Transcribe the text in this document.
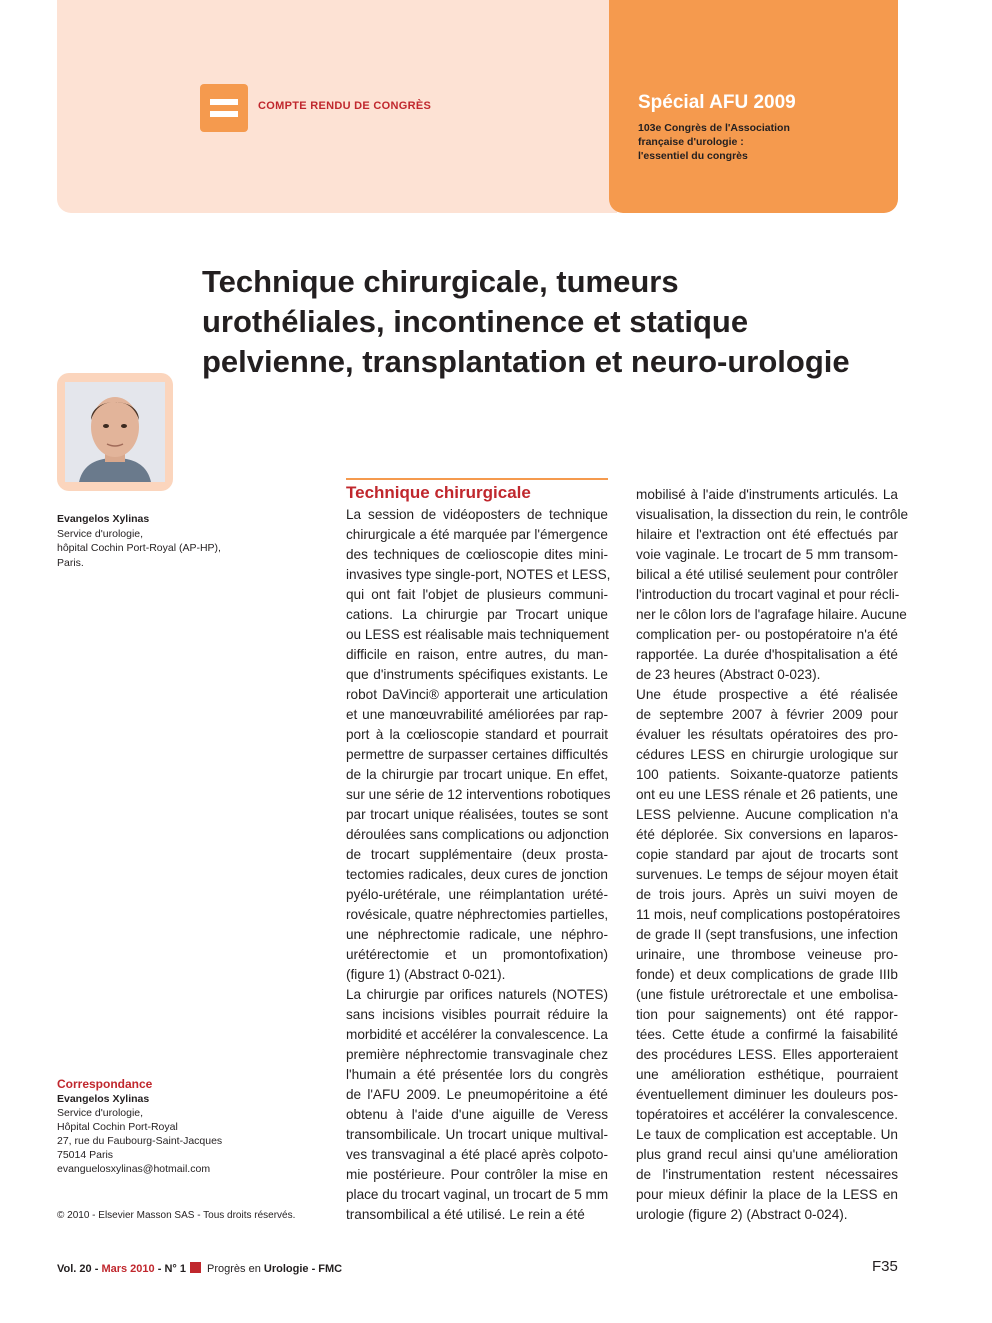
COMPTE RENDU DE CONGRÈS	Spécial AFU 2009
103e Congrès de l'Association
française d'urologie :
l'essentiel du congrès
Technique chirurgicale, tumeurs
urothéliales, incontinence et statique
pelvienne, transplantation et neuro-urologie
Evangelos Xylinas
Service d'urologie,
hôpital Cochin Port-Royal (AP-HP),
Paris.
Correspondance
Evangelos Xylinas
Service d'urologie,
Hôpital Cochin Port-Royal
27, rue du Faubourg-Saint-Jacques
75014 Paris
evanguelosxylinas@hotmail.com
© 2010 - Elsevier Masson SAS - Tous droits réservés.
Technique chirurgicale
La session de vidéoposters de technique
chirurgicale a été marquée par l'émergence
des techniques de cœlioscopie dites mini-
invasives type single-port, NOTES et LESS,
qui ont fait l'objet de plusieurs communi-
cations. La chirurgie par Trocart unique
ou LESS est réalisable mais techniquement
difficile en raison, entre autres, du man-
que d'instruments spécifiques existants. Le
robot DaVinci® apporterait une articulation
et une manœuvrabilité améliorées par rap-
port à la cœlioscopie standard et pourrait
permettre de surpasser certaines difficultés
de la chirurgie par trocart unique. En effet,
sur une série de 12 interventions robotiques
par trocart unique réalisées, toutes se sont
déroulées sans complications ou adjonction
de trocart supplémentaire (deux prosta-
tectomies radicales, deux cures de jonction
pyélo-urétérale, une réimplantation urété-
rovésicale, quatre néphrectomies partielles,
une néphrectomie radicale, une néphro-
urétérectomie et un promontofixation)
(figure 1) (Abstract 0-021).
La chirurgie par orifices naturels (NOTES)
sans incisions visibles pourrait réduire la
morbidité et accélérer la convalescence. La
première néphrectomie transvaginale chez
l'humain a été présentée lors du congrès
de l'AFU 2009. Le pneumopéritoine a été
obtenu à l'aide d'une aiguille de Veress
transombilicale. Un trocart unique multival-
ves transvaginal a été placé après colpoto-
mie postérieure. Pour contrôler la mise en
place du trocart vaginal, un trocart de 5 mm
transombilical a été utilisé. Le rein a été
mobilisé à l'aide d'instruments articulés. La
visualisation, la dissection du rein, le contrôle
hilaire et l'extraction ont été effectués par
voie vaginale. Le trocart de 5 mm transom-
bilical a été utilisé seulement pour contrôler
l'introduction du trocart vaginal et pour récli-
ner le côlon lors de l'agrafage hilaire. Aucune
complication per- ou postopératoire n'a été
rapportée. La durée d'hospitalisation a été
de 23 heures (Abstract 0-023).
Une étude prospective a été réalisée
de septembre 2007 à février 2009 pour
évaluer les résultats opératoires des pro-
cédures LESS en chirurgie urologique sur
100 patients. Soixante-quatorze patients
ont eu une LESS rénale et 26 patients, une
LESS pelvienne. Aucune complication n'a
été déplorée. Six conversions en laparos-
copie standard par ajout de trocarts sont
survenues. Le temps de séjour moyen était
de trois jours. Après un suivi moyen de
11 mois, neuf complications postopératoires
de grade II (sept transfusions, une infection
urinaire, une thrombose veineuse pro-
fonde) et deux complications de grade IIIb
(une fistule urétrorectale et une embolisa-
tion pour saignements) ont été rappor-
tées. Cette étude a confirmé la faisabilité
des procédures LESS. Elles apporteraient
une amélioration esthétique, pourraient
éventuellement diminuer les douleurs pos-
topératoires et accélérer la convalescence.
Le taux de complication est acceptable. Un
plus grand recul ainsi qu'une amélioration
de l'instrumentation restent nécessaires
pour mieux définir la place de la LESS en
urologie (figure 2) (Abstract 0-024).
Vol. 20 - Mars 2010 - N° 1 Progrès en Urologie - FMC	F35
